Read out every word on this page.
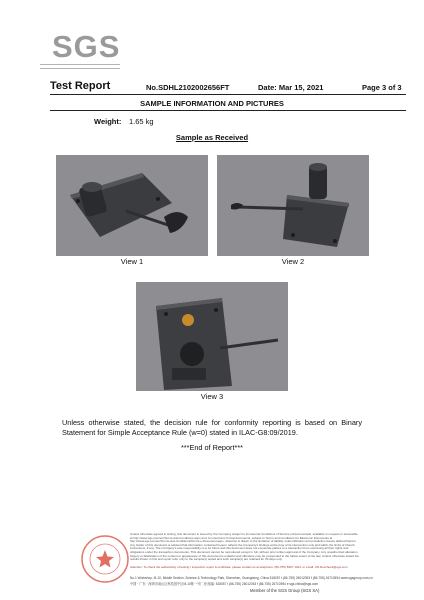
SGS
Test Report	No.SDHL2102002656FT	Date: Mar 15, 2021	Page 3 of 3
SAMPLE INFORMATION AND PICTURES
Weight: 1.65 kg
Sample as Received
View 1	View 2
View 3
Unless otherwise stated, the decision rule for conformity reporting is based on Binary Statement for Simple Acceptance Rule (w=0) stated in ILAC-G8:09/2019.
***End of Report***
Unless otherwise agreed in writing, this document is issued by the Company subject to its General Conditions of Service printed overleaf, available on request or accessible at http://www.sgs.com/en/Terms-and-Conditions.aspx and, for electronic format documents, subject to Terms and Conditions for Electronic Documents at http://www.sgs.com/en/Terms-and-Conditions/Terms-e-Document.aspx. Attention is drawn to the limitation of liability, indemnification and jurisdiction issues defined therein. Any holder of this document is advised that information contained hereon reflects the Company's findings at the time of its intervention only and within the limits of Client's instructions, if any. The Company's sole responsibility is to its Client and this document does not exonerate parties to a transaction from exercising all their rights and obligations under the transaction documents. This document cannot be reproduced except in full, without prior written approval of the Company. Any unauthorized alteration, forgery or falsification of the content or appearance of this document is unlawful and offenders may be prosecuted to the fullest extent of the law. Unless otherwise stated the results shown in this test report refer only to the sample(s) tested and such sample(s) are retained for 30 days only.
Attention: To check the authenticity of testing / inspection report & certificate, please contact us at telephone: (86-755) 8307 1443, or email: CN.Doccheck@sgs.com
No.1 Workshop, M-10, Middle Section, Science & Technology Park, Shenzhen, Guangdong, China 518057 t (86-755) 26012053 f (86-755) 26710594 www.sgsgroup.com.cn
中国 · 广东 · 深圳市南山区科技园中区M-10栋一号厂房 邮编: 518057 t (86-755) 26012053 f (86-755) 26710594 e sgs.china@sgs.com
Member of the SGS Group (SGS SA)
